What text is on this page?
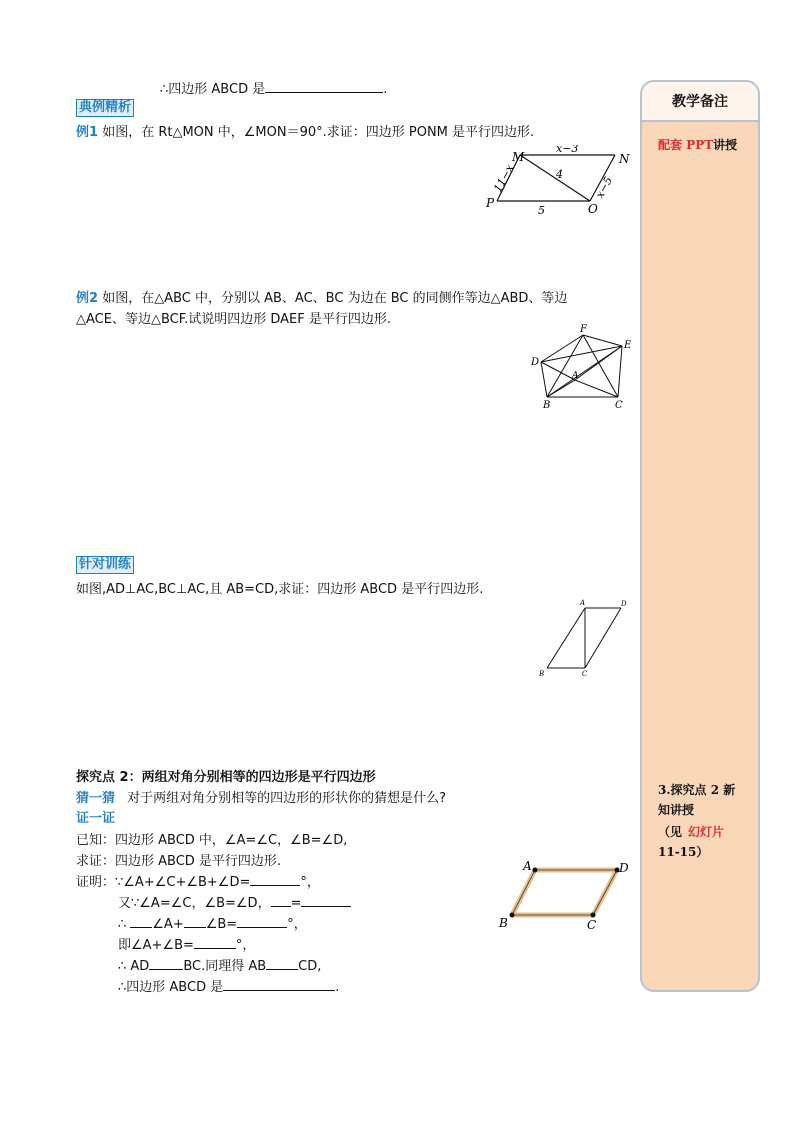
∴四边形 ABCD 是	.
典例精析
例1 如图，在 Rt△MON 中，∠MON＝90°.求证：四边形 PONM 是平行四边形.
M	N
P	O
x−3
11−x	x−5
5
4
例2 如图，在△ABC 中，分别以 AB、AC、BC 为边在 BC 的同侧作等边△ABD、等边
△ACE、等边△BCF.试说明四边形 DAEF 是平行四边形.
F
E
D
A
B	C
针对训练
如图,AD⊥AC,BC⊥AC,且 AB=CD,求证：四边形 ABCD 是平行四边形.
A	D
B	C
探究点 2：两组对角分别相等的四边形是平行四边形
猜一猜 对于两组对角分别相等的四边形的形状你的猜想是什么?
证一证
已知：四边形 ABCD 中，∠A=∠C，∠B=∠D,
求证：四边形 ABCD 是平行四边形.
证明：∵∠A+∠C+∠B+∠D=	°，
又∵∠A=∠C，∠B=∠D， =
∴ ∠A+ ∠B=	°，
即∠A+∠B=	°，
∴ AD	BC.同理得 AB CD,
∴四边形 ABCD 是	.
A	D
B	C
教学备注
配套 PPT讲授
3.探究点 2 新
知讲授
（见 幻灯片
11-15）
